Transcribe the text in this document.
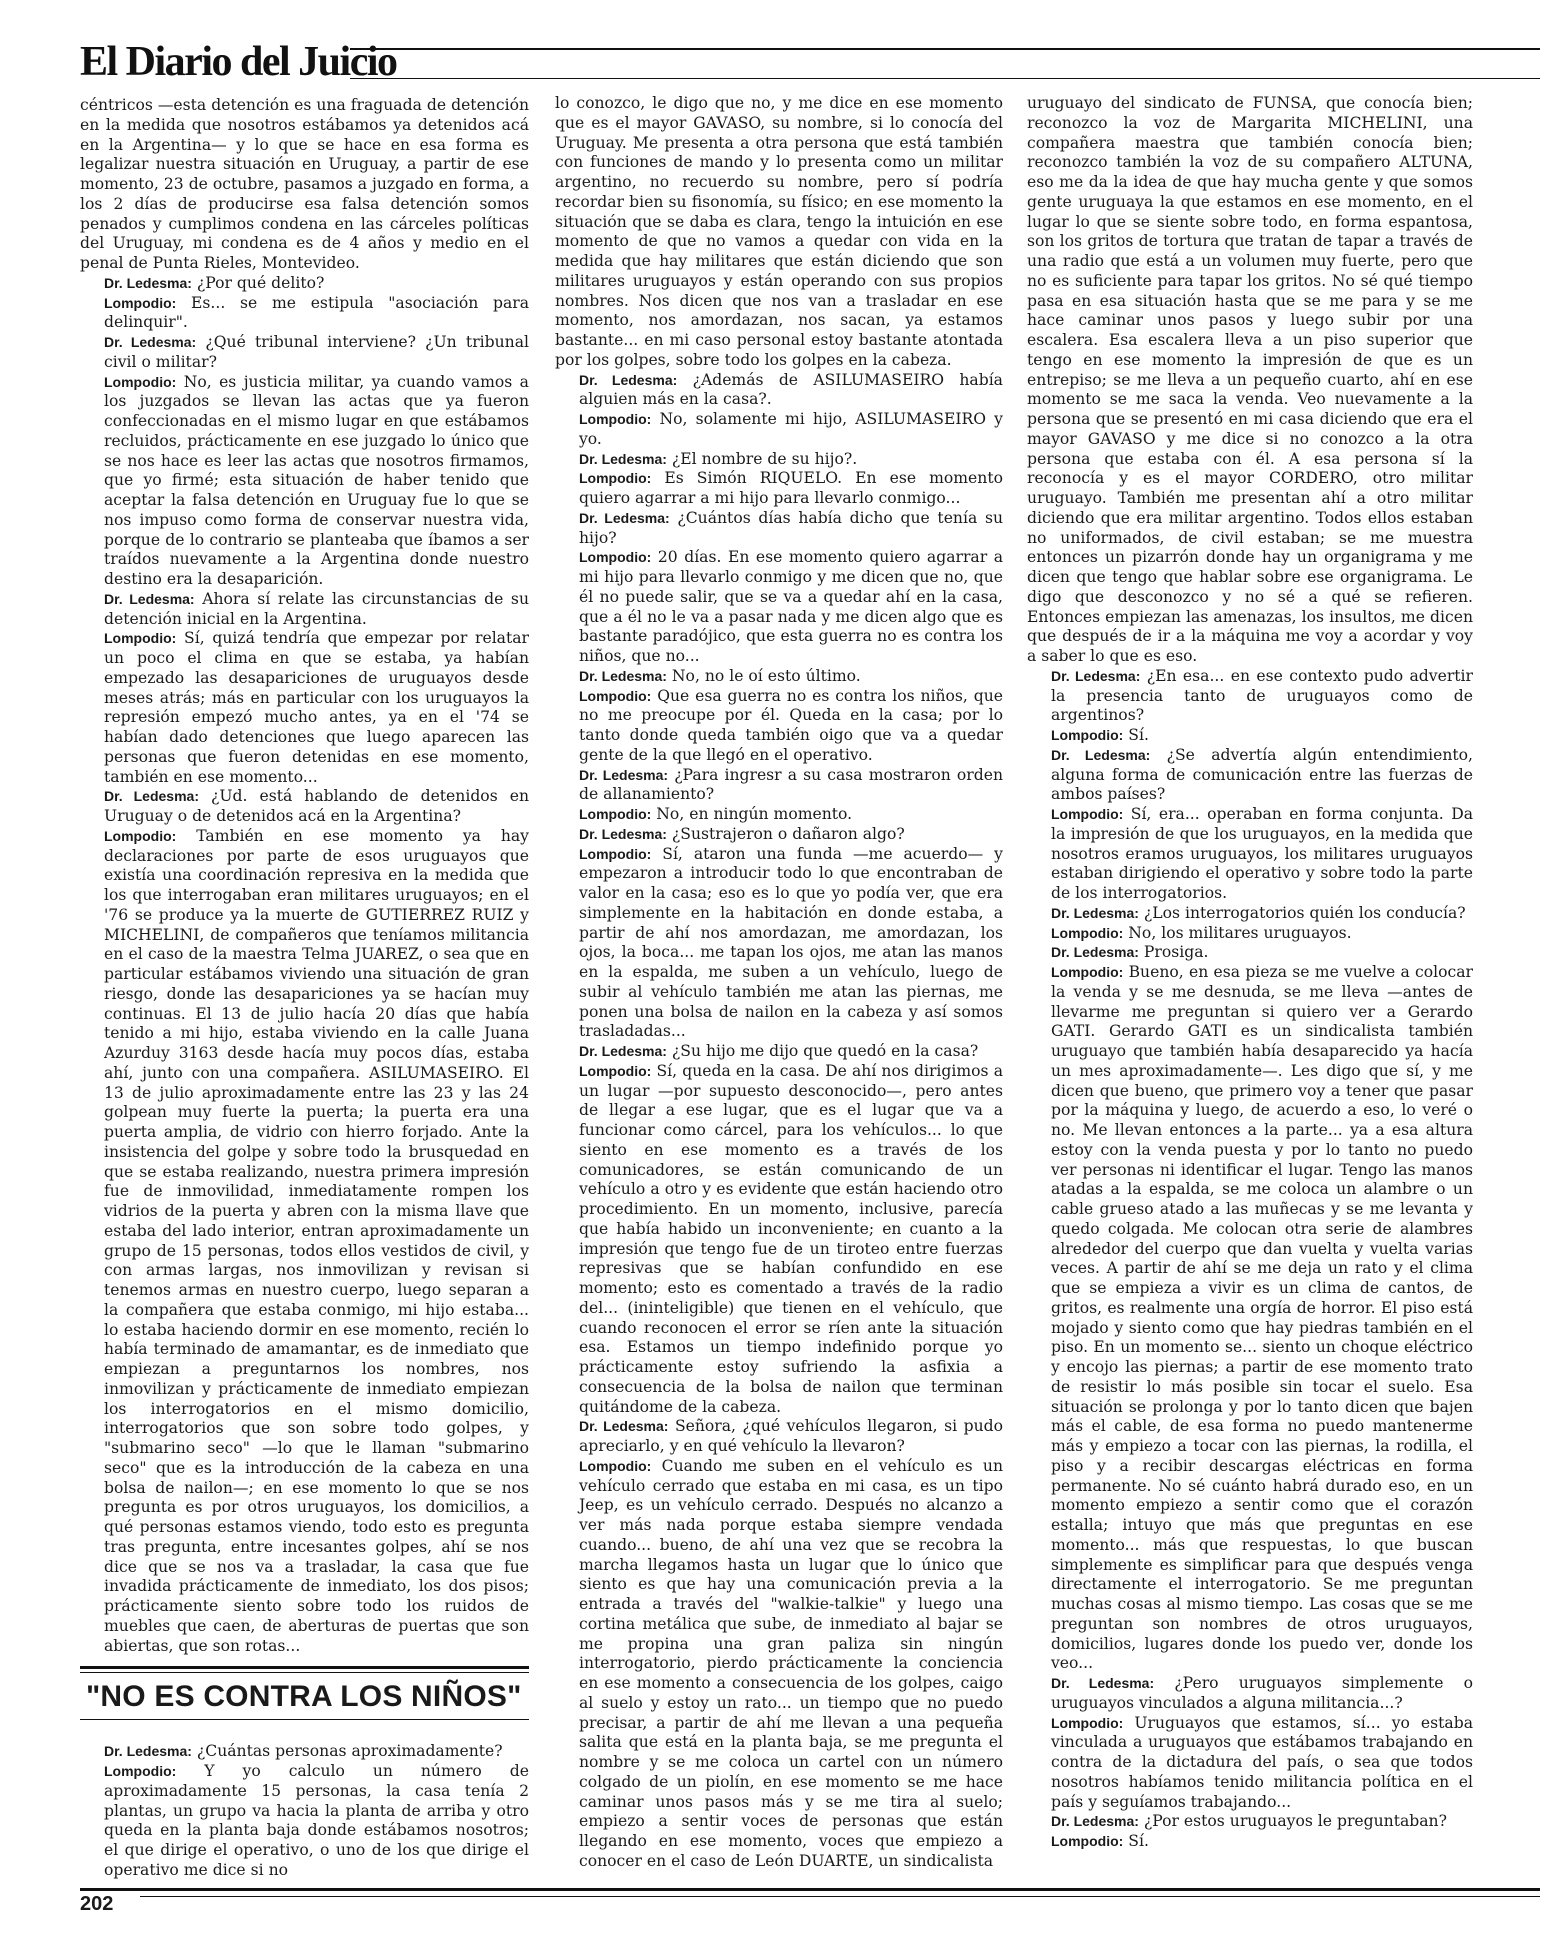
El Diario del Juicio

céntricos —esta detención es una fraguada de detención en la medida que nosotros estábamos ya detenidos acá en la Argentina— y lo que se hace en esa forma es legalizar nuestra situación en Uruguay, a partir de ese momento, 23 de octubre, pasamos a juzgado en forma, a los 2 días de producirse esa falsa detención somos penados y cumplimos condena en las cárceles políticas del Uruguay, mi condena es de 4 años y medio en el penal de Punta Rieles, Montevideo.

Dr. Ledesma: ¿Por qué delito?

Lompodio: Es... se me estipula "asociación para delinquir".

Dr. Ledesma: ¿Qué tribunal interviene? ¿Un tribunal civil o militar?

Lompodio: No, es justicia militar, ya cuando vamos a los juzgados se llevan las actas que ya fueron confeccionadas en el mismo lugar en que estábamos recluidos, prácticamente en ese juzgado lo único que se nos hace es leer las actas que nosotros firmamos, que yo firmé; esta situación de haber tenido que aceptar la falsa detención en Uruguay fue lo que se nos impuso como forma de conservar nuestra vida, porque de lo contrario se planteaba que íbamos a ser traídos nuevamente a la Argentina donde nuestro destino era la desaparición.

Dr. Ledesma: Ahora sí relate las circunstancias de su detención inicial en la Argentina.

Lompodio: Sí, quizá tendría que empezar por relatar un poco el clima en que se estaba, ya habían empezado las desapariciones de uruguayos desde meses atrás; más en particular con los uruguayos la represión empezó mucho antes, ya en el '74 se habían dado detenciones que luego aparecen las personas que fueron detenidas en ese momento, también en ese momento...

Dr. Ledesma: ¿Ud. está hablando de detenidos en Uruguay o de detenidos acá en la Argentina?

Lompodio: También en ese momento ya hay declaraciones por parte de esos uruguayos que existía una coordinación represiva en la medida que los que interrogaban eran militares uruguayos; en el '76 se produce ya la muerte de GUTIERREZ RUIZ y MICHELINI, de compañeros que teníamos militancia en el caso de la maestra Telma JUAREZ, o sea que en particular estábamos viviendo una situación de gran riesgo, donde las desapariciones ya se hacían muy continuas. El 13 de julio hacía 20 días que había tenido a mi hijo, estaba viviendo en la calle Juana Azurduy 3163 desde hacía muy pocos días, estaba ahí, junto con una compañera. ASILUMASEIRO. El 13 de julio aproximadamente entre las 23 y las 24 golpean muy fuerte la puerta; la puerta era una puerta amplia, de vidrio con hierro forjado. Ante la insistencia del golpe y sobre todo la brusquedad en que se estaba realizando, nuestra primera impresión fue de inmovilidad, inmediatamente rompen los vidrios de la puerta y abren con la misma llave que estaba del lado interior, entran aproximadamente un grupo de 15 personas, todos ellos vestidos de civil, y con armas largas, nos inmovilizan y revisan si tenemos armas en nuestro cuerpo, luego separan a la compañera que estaba conmigo, mi hijo estaba... lo estaba haciendo dormir en ese momento, recién lo había terminado de amamantar, es de inmediato que empiezan a preguntarnos los nombres, nos inmovilizan y prácticamente de inmediato empiezan los interrogatorios en el mismo domicilio, interrogatorios que son sobre todo golpes, y "submarino seco" —lo que le llaman "submarino seco" que es la introducción de la cabeza en una bolsa de nailon—; en ese momento lo que se nos pregunta es por otros uruguayos, los domicilios, a qué personas estamos viendo, todo esto es pregunta tras pregunta, entre incesantes golpes, ahí se nos dice que se nos va a trasladar, la casa que fue invadida prácticamente de inmediato, los dos pisos; prácticamente siento sobre todo los ruidos de muebles que caen, de aberturas de puertas que son abiertas, que son rotas...

"NO ES CONTRA LOS NIÑOS"

Dr. Ledesma: ¿Cuántas personas aproximadamente?

Lompodio: Y yo calculo un número de aproximadamente 15 personas, la casa tenía 2 plantas, un grupo va hacia la planta de arriba y otro queda en la planta baja donde estábamos nosotros; el que dirige el operativo, o uno de los que dirige el operativo me dice si no

lo conozco, le digo que no, y me dice en ese momento que es el mayor GAVASO, su nombre, si lo conocía del Uruguay. Me presenta a otra persona que está también con funciones de mando y lo presenta como un militar argentino, no recuerdo su nombre, pero sí podría recordar bien su fisonomía, su físico; en ese momento la situación que se daba es clara, tengo la intuición en ese momento de que no vamos a quedar con vida en la medida que hay militares que están diciendo que son militares uruguayos y están operando con sus propios nombres. Nos dicen que nos van a trasladar en ese momento, nos amordazan, nos sacan, ya estamos bastante... en mi caso personal estoy bastante atontada por los golpes, sobre todo los golpes en la cabeza.

Dr. Ledesma: ¿Además de ASILUMASEIRO había alguien más en la casa?.

Lompodio: No, solamente mi hijo, ASILUMASEIRO y yo.

Dr. Ledesma: ¿El nombre de su hijo?.

Lompodio: Es Simón RIQUELO. En ese momento quiero agarrar a mi hijo para llevarlo conmigo...

Dr. Ledesma: ¿Cuántos días había dicho que tenía su hijo?

Lompodio: 20 días. En ese momento quiero agarrar a mi hijo para llevarlo conmigo y me dicen que no, que él no puede salir, que se va a quedar ahí en la casa, que a él no le va a pasar nada y me dicen algo que es bastante paradójico, que esta guerra no es contra los niños, que no...

Dr. Ledesma: No, no le oí esto último.

Lompodio: Que esa guerra no es contra los niños, que no me preocupe por él. Queda en la casa; por lo tanto donde queda también oigo que va a quedar gente de la que llegó en el operativo.

Dr. Ledesma: ¿Para ingresr a su casa mostraron orden de allanamiento?

Lompodio: No, en ningún momento.

Dr. Ledesma: ¿Sustrajeron o dañaron algo?

Lompodio: Sí, ataron una funda —me acuerdo— y empezaron a introducir todo lo que encontraban de valor en la casa; eso es lo que yo podía ver, que era simplemente en la habitación en donde estaba, a partir de ahí nos amordazan, me amordazan, los ojos, la boca... me tapan los ojos, me atan las manos en la espalda, me suben a un vehículo, luego de subir al vehículo también me atan las piernas, me ponen una bolsa de nailon en la cabeza y así somos trasladadas...

Dr. Ledesma: ¿Su hijo me dijo que quedó en la casa?

Lompodio: Sí, queda en la casa. De ahí nos dirigimos a un lugar —por supuesto desconocido—, pero antes de llegar a ese lugar, que es el lugar que va a funcionar como cárcel, para los vehículos... lo que siento en ese momento es a través de los comunicadores, se están comunicando de un vehículo a otro y es evidente que están haciendo otro procedimiento. En un momento, inclusive, parecía que había habido un inconveniente; en cuanto a la impresión que tengo fue de un tiroteo entre fuerzas represivas que se habían confundido en ese momento; esto es comentado a través de la radio del... (ininteligible) que tienen en el vehículo, que cuando reconocen el error se ríen ante la situación esa. Estamos un tiempo indefinido porque yo prácticamente estoy sufriendo la asfixia a consecuencia de la bolsa de nailon que terminan quitándome de la cabeza.

Dr. Ledesma: Señora, ¿qué vehículos llegaron, si pudo apreciarlo, y en qué vehículo la llevaron?

Lompodio: Cuando me suben en el vehículo es un vehículo cerrado que estaba en mi casa, es un tipo Jeep, es un vehículo cerrado. Después no alcanzo a ver más nada porque estaba siempre vendada cuando... bueno, de ahí una vez que se recobra la marcha llegamos hasta un lugar que lo único que siento es que hay una comunicación previa a la entrada a través del "walkie-talkie" y luego una cortina metálica que sube, de inmediato al bajar se me propina una gran paliza sin ningún interrogatorio, pierdo prácticamente la conciencia en ese momento a consecuencia de los golpes, caigo al suelo y estoy un rato... un tiempo que no puedo precisar, a partir de ahí me llevan a una pequeña salita que está en la planta baja, se me pregunta el nombre y se me coloca un cartel con un número colgado de un piolín, en ese momento se me hace caminar unos pasos más y se me tira al suelo; empiezo a sentir voces de personas que están llegando en ese momento, voces que empiezo a conocer en el caso de León DUARTE, un sindicalista

uruguayo del sindicato de FUNSA, que conocía bien; reconozco la voz de Margarita MICHELINI, una compañera maestra que también conocía bien; reconozco también la voz de su compañero ALTUNA, eso me da la idea de que hay mucha gente y que somos gente uruguaya la que estamos en ese momento, en el lugar lo que se siente sobre todo, en forma espantosa, son los gritos de tortura que tratan de tapar a través de una radio que está a un volumen muy fuerte, pero que no es suficiente para tapar los gritos. No sé qué tiempo pasa en esa situación hasta que se me para y se me hace caminar unos pasos y luego subir por una escalera. Esa escalera lleva a un piso superior que tengo en ese momento la impresión de que es un entrepiso; se me lleva a un pequeño cuarto, ahí en ese momento se me saca la venda. Veo nuevamente a la persona que se presentó en mi casa diciendo que era el mayor GAVASO y me dice si no conozco a la otra persona que estaba con él. A esa persona sí la reconocía y es el mayor CORDERO, otro militar uruguayo. También me presentan ahí a otro militar diciendo que era militar argentino. Todos ellos estaban no uniformados, de civil estaban; se me muestra entonces un pizarrón donde hay un organigrama y me dicen que tengo que hablar sobre ese organigrama. Le digo que desconozco y no sé a qué se refieren. Entonces empiezan las amenazas, los insultos, me dicen que después de ir a la máquina me voy a acordar y voy a saber lo que es eso.

Dr. Ledesma: ¿En esa... en ese contexto pudo advertir la presencia tanto de uruguayos como de argentinos?

Lompodio: Sí.

Dr. Ledesma: ¿Se advertía algún entendimiento, alguna forma de comunicación entre las fuerzas de ambos países?

Lompodio: Sí, era... operaban en forma conjunta. Da la impresión de que los uruguayos, en la medida que nosotros eramos uruguayos, los militares uruguayos estaban dirigiendo el operativo y sobre todo la parte de los interrogatorios.

Dr. Ledesma: ¿Los interrogatorios quién los conducía?

Lompodio: No, los militares uruguayos.

Dr. Ledesma: Prosiga.

Lompodio: Bueno, en esa pieza se me vuelve a colocar la venda y se me desnuda, se me lleva —antes de llevarme me preguntan si quiero ver a Gerardo GATI. Gerardo GATI es un sindicalista también uruguayo que también había desaparecido ya hacía un mes aproximadamente—. Les digo que sí, y me dicen que bueno, que primero voy a tener que pasar por la máquina y luego, de acuerdo a eso, lo veré o no. Me llevan entonces a la parte... ya a esa altura estoy con la venda puesta y por lo tanto no puedo ver personas ni identificar el lugar. Tengo las manos atadas a la espalda, se me coloca un alambre o un cable grueso atado a las muñecas y se me levanta y quedo colgada. Me colocan otra serie de alambres alrededor del cuerpo que dan vuelta y vuelta varias veces. A partir de ahí se me deja un rato y el clima que se empieza a vivir es un clima de cantos, de gritos, es realmente una orgía de horror. El piso está mojado y siento como que hay piedras también en el piso. En un momento se... siento un choque eléctrico y encojo las piernas; a partir de ese momento trato de resistir lo más posible sin tocar el suelo. Esa situación se prolonga y por lo tanto dicen que bajen más el cable, de esa forma no puedo mantenerme más y empiezo a tocar con las piernas, la rodilla, el piso y a recibir descargas eléctricas en forma permanente. No sé cuánto habrá durado eso, en un momento empiezo a sentir como que el corazón estalla; intuyo que más que preguntas en ese momento... más que respuestas, lo que buscan simplemente es simplificar para que después venga directamente el interrogatorio. Se me preguntan muchas cosas al mismo tiempo. Las cosas que se me preguntan son nombres de otros uruguayos, domicilios, lugares donde los puedo ver, donde los veo...

Dr. Ledesma: ¿Pero uruguayos simplemente o uruguayos vinculados a alguna militancia...?

Lompodio: Uruguayos que estamos, sí... yo estaba vinculada a uruguayos que estábamos trabajando en contra de la dictadura del país, o sea que todos nosotros habíamos tenido militancia política en el país y seguíamos trabajando...

Dr. Ledesma: ¿Por estos uruguayos le preguntaban?

Lompodio: Sí.

202
